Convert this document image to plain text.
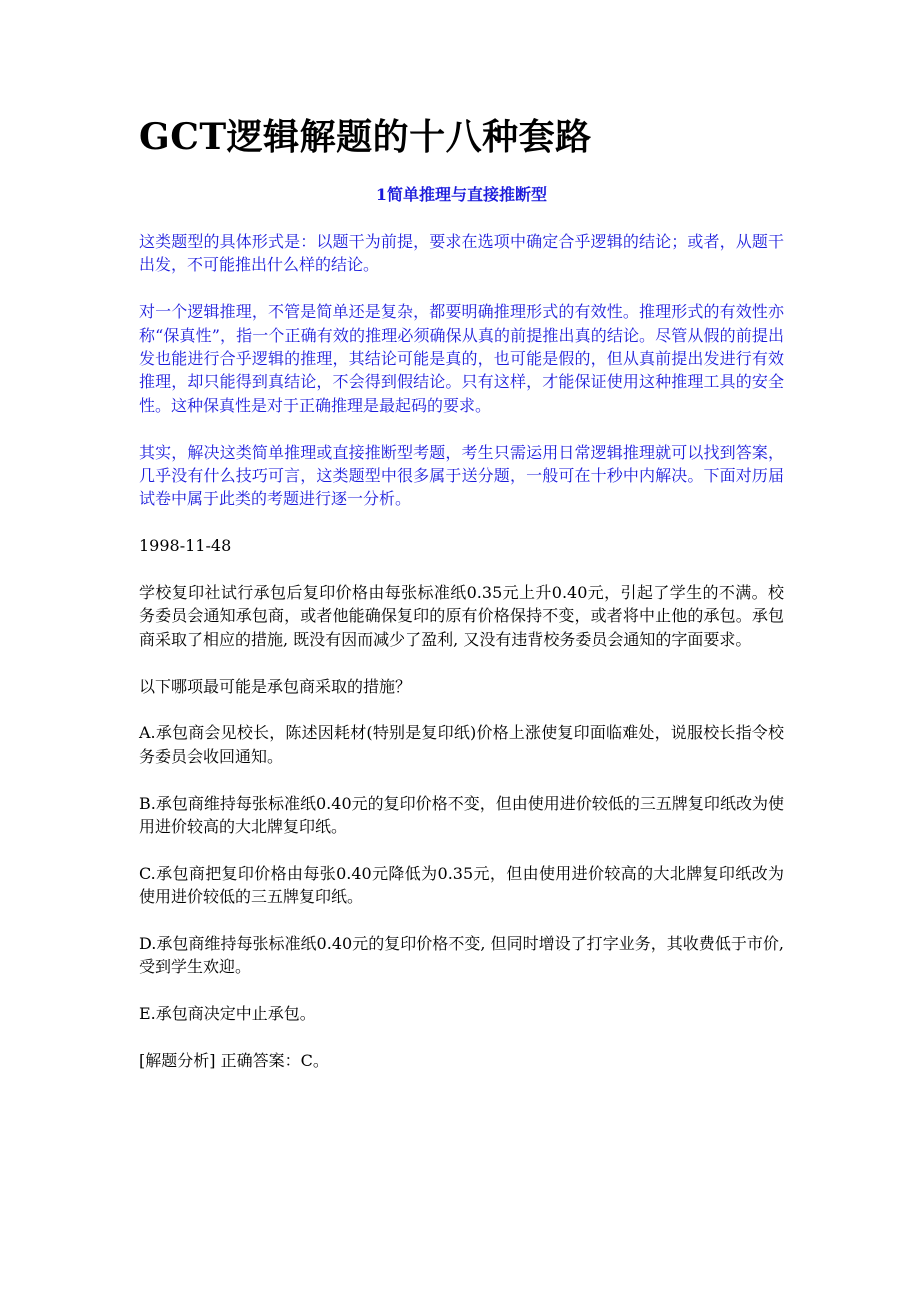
GCT逻辑解题的十八种套路
1简单推理与直接推断型

这类题型的具体形式是：以题干为前提，要求在选项中确定合乎逻辑的结论；或者，从题干出发，不可能推出什么样的结论。

对一个逻辑推理，不管是简单还是复杂，都要明确推理形式的有效性。推理形式的有效性亦称“保真性”，指一个正确有效的推理必须确保从真的前提推出真的结论。尽管从假的前提出发也能进行合乎逻辑的推理，其结论可能是真的，也可能是假的，但从真前提出发进行有效推理，却只能得到真结论，不会得到假结论。只有这样，才能保证使用这种推理工具的安全性。这种保真性是对于正确推理是最起码的要求。

其实，解决这类简单推理或直接推断型考题，考生只需运用日常逻辑推理就可以找到答案，几乎没有什么技巧可言，这类题型中很多属于送分题，一般可在十秒中内解决。下面对历届试卷中属于此类的考题进行逐一分析。

1998-11-48

学校复印社试行承包后复印价格由每张标准纸0.35元上升0.40元，引起了学生的不满。校务委员会通知承包商，或者他能确保复印的原有价格保持不变，或者将中止他的承包。承包商采取了相应的措施, 既没有因而减少了盈利, 又没有违背校务委员会通知的字面要求。

以下哪项最可能是承包商采取的措施？

A.承包商会见校长，陈述因耗材(特别是复印纸)价格上涨使复印面临难处，说服校长指令校务委员会收回通知。

B.承包商维持每张标准纸0.40元的复印价格不变，但由使用进价较低的三五牌复印纸改为使用进价较高的大北牌复印纸。

C.承包商把复印价格由每张0.40元降低为0.35元，但由使用进价较高的大北牌复印纸改为使用进价较低的三五牌复印纸。

D.承包商维持每张标准纸0.40元的复印价格不变, 但同时增设了打字业务，其收费低于市价, 受到学生欢迎。

E.承包商决定中止承包。

[解题分析] 正确答案：C。
